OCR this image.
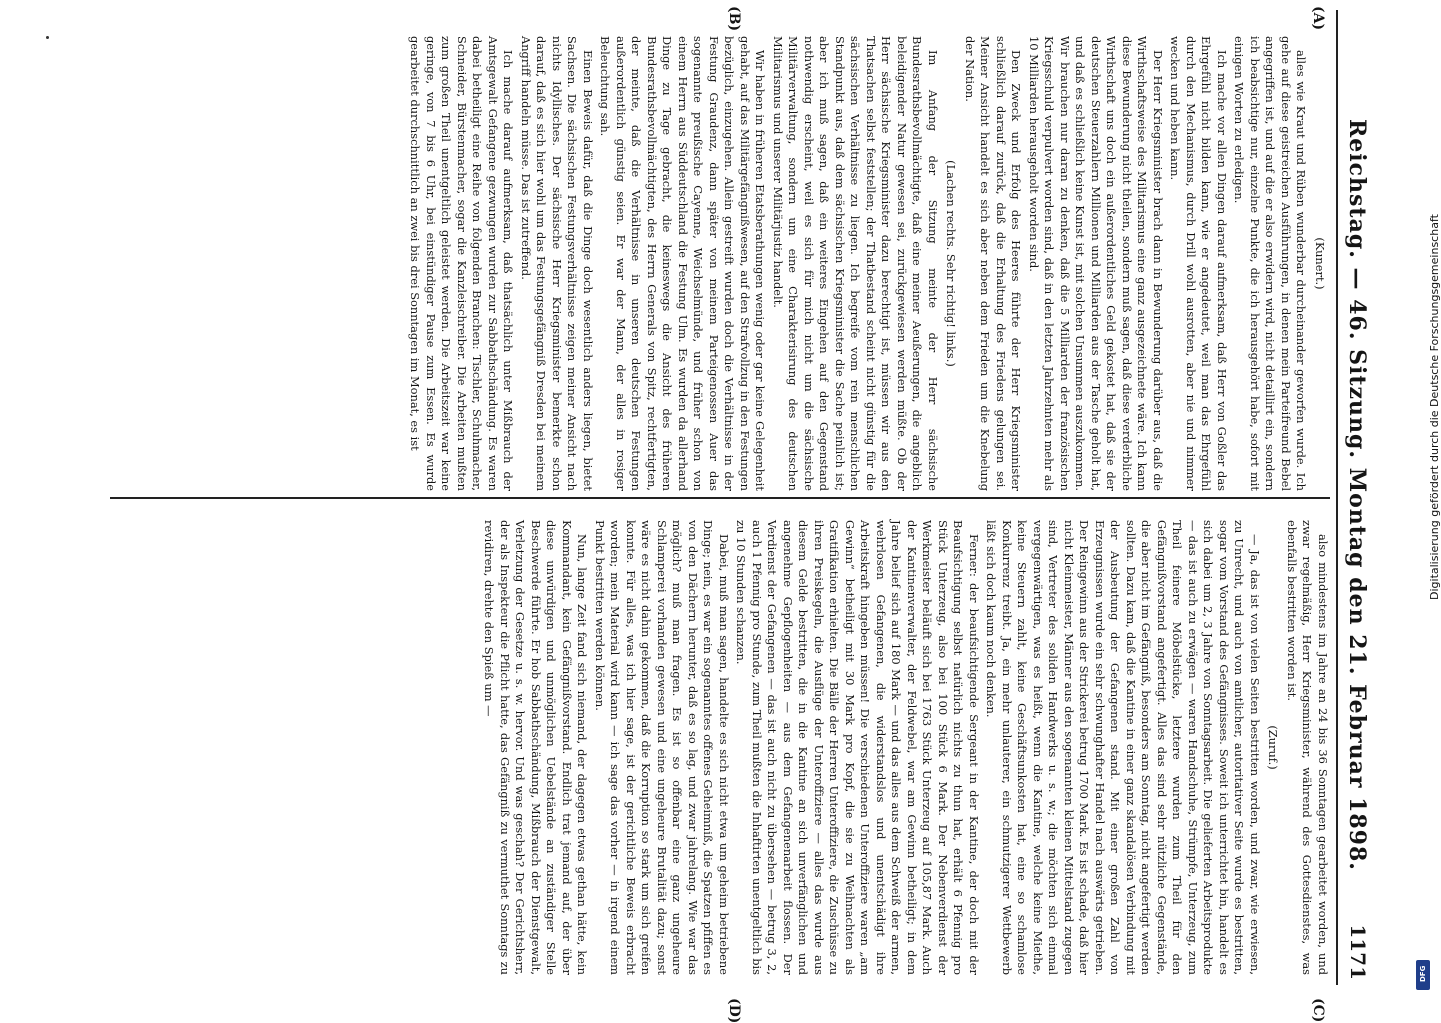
1171
Reichstag. — 46. Sitzung. Montag den 21. Februar 1898.
(A)
(B)
(C)
(D)

(Kunert.)

alles wie Kraut und Rüben wunderbar durcheinander geworfen wurde. Ich gehe auf diese geistreichen Ausführungen, in denen mein Parteifreund Bebel angegriffen ist, und auf die er also erwidern wird, nicht detaillirt ein, sondern ich beabsichtige nur, einzelne Punkte, die ich herausgehört habe, sofort mit einigen Worten zu erledigen.

Ich mache vor allen Dingen darauf aufmerksam, daß Herr von Goßler das Ehrgefühl nicht bilden kann, wie er angedeutet, weil man das Ehrgefühl durch den Mechanismus, durch Drill wohl ausrotten, aber nie und nimmer wecken und heben kann.

Der Herr Kriegsminister brach dann in Bewunderung darüber aus, daß die Wirthschaftsweise des Militarismus eine ganz ausgezeichnete wäre. Ich kann diese Bewunderung nicht theilen, sondern muß sagen, daß diese verderbliche Wirthschaft uns doch ein außerordentliches Geld gekostet hat, daß sie der deutschen Steuerzahlern Millionen und Milliarden aus der Tasche geholt hat, und daß es schließlich keine Kunst ist, mit solchen Unsummen auszukommen. Wir brauchen nur daran zu denken, daß die 5 Milliarden der französischen Kriegsschuld verpulvert worden sind, daß in den letzten Jahrzehnten mehr als 10 Milliarden herausgeholt worden sind.

Den Zweck und Erfolg des Heeres führte der Herr Kriegsminister schließlich darauf zurück, daß die Erhaltung des Friedens gelungen sei. Meiner Ansicht handelt es sich aber neben dem Frieden um die Knebelung der Nation.

(Lachen rechts. Sehr richtig! links.)

Im Anfang der Sitzung meinte der Herr sächsische Bundesrathsbevollmächtigte, daß eine meiner Aeußerungen, die angeblich beleidigender Natur gewesen sei, zurückgewiesen werden müßte. Ob der Herr sächsische Kriegsminister dazu berechtigt ist, müssen wir aus den Thatsachen selbst feststellen; der Thatbestand scheint nicht günstig für die sächsischen Verhältnisse zu liegen. Ich begreife vom rein menschlichen Standpunkt aus, daß dem sächsischen Kriegsminister die Sache peinlich ist; aber ich muß sagen, daß ein weiteres Eingehen auf den Gegenstand nothwendig erscheint, weil es sich für mich nicht um die sächsische Militärverwaltung, sondern um eine Charakterisirung des deutschen Militarismus und unserer Militärjustiz handelt.

Wir haben in früheren Etatsberathungen wenig oder gar keine Gelegenheit gehabt, auf das Militärgefängnißwesen, auf den Strafvollzug in den Festungen bezüglich, einzugehen. Allein gestreift wurden doch die Verhältnisse in der Festung Graudenz, dann später von meinem Parteigenossen Auer das sogenannte preußische Cayenne, Weichselmünde, und früher schon von einem Herrn aus Süddeutschland die Festung Ulm. Es wurden da allerhand Dinge zu Tage gebracht, die keineswegs die Ansicht des früheren Bundesrathsbevollmächtigten, des Herrn Generals von Spitz, rechtfertigten, der meinte, daß die Verhältnisse in unseren deutschen Festungen außerordentlich günstig seien. Er war der Mann, der alles in rosiger Beleuchtung sah.

Einen Beweis dafür, daß die Dinge doch wesentlich anders liegen, bietet Sachsen. Die sächsischen Festungsverhältnisse zeigen meiner Ansicht nach nichts Idyllisches. Der sächsische Herr Kriegsminister bemerkte schon darauf, daß es sich hier wohl um das Festungsgefängniß Dresden bei meinem Angriff handeln müsse. Das ist zutreffend.

Ich mache darauf aufmerksam, daß thatsächlich unter Mißbrauch der Amtsgewalt Gefangene gezwungen wurden zur Sabbathschändung. Es waren dabei betheiligt eine Reihe von folgenden Branchen: Tischler, Schuhmacher, Schneider, Bürstenmacher, sogar die Kanzleischreiber. Die Arbeiten mußten zum großen Theil unentgeltlich geleistet werden. Die Arbeitszeit war keine geringe, von 7 bis 6 Uhr, bei einstündiger Pause zum Essen. Es wurde gearbeitet durchschnittlich an zwei bis drei Sonntagen im Monat, es ist

also mindestens im Jahre an 24 bis 36 Sonntagen gearbeitet worden, und zwar regelmäßig, Herr Kriegsminister, während des Gottesdienstes, was ebenfalls bestritten worden ist.

(Zuruf.)

— Ja, das ist von vielen Seiten bestritten worden, und zwar, wie erwiesen, zu Unrecht, und auch von amtlicher, autoritativer Seite wurde es bestritten, sogar vom Vorstand des Gefängnisses. Soweit ich unterrichtet bin, handelt es sich dabei um 2, 3 Jahre von Sonntagsarbeit. Die gelieferten Arbeitsprodukte — das ist auch zu erwägen — waren Handschuhe, Strümpfe, Unterzeug, zum Theil feinere Möbelstücke, letztere wurden zum Theil für den Gefängnißvorstand angefertigt. Alles das sind sehr nützliche Gegenstände, die aber nicht im Gefängniß, besonders am Sonntag, nicht angefertigt werden sollten. Dazu kam, daß die Kantine in einer ganz skandalösen Verbindung mit der Ausbeutung der Gefangenen stand. Mit einer großen Zahl von Erzeugnissen wurde ein sehr schwunghafter Handel nach auswärts getrieben. Der Reingewinn aus der Strickerei betrug 1700 Mark. Es ist schade, daß hier nicht Kleinmeister, Männer aus den sogenannten kleinen Mittelstand zugegen sind, Vertreter des soliden Handwerks u. s. w.; die möchten sich einmal vergegenwärtigen, was es heißt, wenn die Kantine, welche keine Miethe, keine Steuern zahlt, keine Geschäftsunkosten hat, eine so schamlose Konkurrenz treibt. Ja, ein mehr unlauterer, ein schmutzigerer Wettbewerb läßt sich doch kaum noch denken.

Ferner: der beaufsichtigende Sergeant in der Kantine, der doch mit der Beaufsichtigung selbst natürlich nichts zu thun hat, erhält 6 Pfennig pro Stück Unterzeug, also bei 100 Stück 6 Mark. Der Nebenverdienst der Werkmeister beläuft sich bei 1763 Stück Unterzeug auf 105,87 Mark. Auch der Kantinenverwalter, der Feldwebel, war am Gewinn betheiligt; in dem Jahre belief sich auf 180 Mark — und das alles aus dem Schweiß der armen, wehrlosen Gefangenen, die widerstandslos und unentschädigt ihre Arbeitskraft hingeben müssen! Die verschiedenen Unteroffiziere waren „am Gewinn“ betheiligt mit 30 Mark pro Kopf, die sie zu Weihnachten als Gratifikation erhielten. Die Bälle der Herren Unteroffiziere, die Zuschüsse zu ihren Preiskegeln, die Ausflüge der Unteroffiziere — alles das wurde aus diesem Gelde bestritten, die in die Kantine an sich unverfänglichen und angenehme Gepflogenheiten — aus dem Gefangenenarbeit flossen. Der Verdienst der Gefangenen — das ist auch nicht zu übersehen — betrug 3, 2, auch 1 Pfennig pro Stunde, zum Theil mußten die Inhaftirten unentgeltlich bis zu 10 Stunden schanzen.

Dabei, muß man sagen, handelte es sich nicht etwa um geheim betriebene Dinge; nein, es war ein sogenanntes offenes Geheimniß, die Spatzen pfiffen es von den Dächern herunter, daß es so lag, und zwar jahrelang. Wie war das möglich? muß man fragen. Es ist so offenbar eine ganz ungeheure Schlamperei vorhanden gewesen und eine ungeheure Brutalität dazu; sonst wäre es nicht dahin gekommen, daß die Korruption so stark um sich greifen konnte. Für alles, was ich hier sage, ist der gerichtliche Beweis erbracht worden; mein Material wird kann — ich sage das vorher — in irgend einem Punkt bestritten werden können.

Nun, lange Zeit fand sich niemand, der dagegen etwas gethan hätte, kein Kommandant, kein Gefängnißvorstand. Endlich trat jemand auf, der über diese unwürdigen und unmöglichen Uebelstände an zuständiger Stelle Beschwerde führte. Er hob Sabbathschändung, Mißbrauch der Dienstgewalt, Verletzung der Gesetze u. s. w. hervor. Und was geschah? Der Gerichtsherr, der als Inspekteur die Pflicht hatte, das Gefängniß zu vermuthet Sonntags zu revidiren, drehte den Spieß um —

Digitalisierung gefördert durch die Deutsche Forschungsgemeinschaft
DFG
